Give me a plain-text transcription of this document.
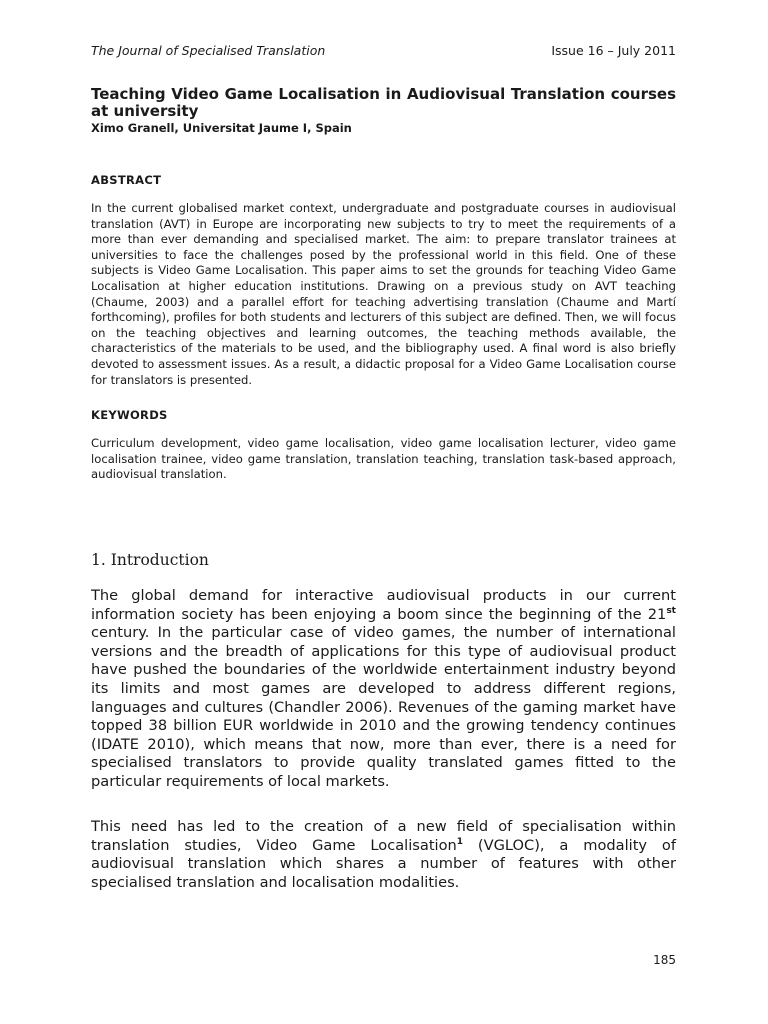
The Journal of Specialised Translation	Issue 16 – July 2011
Teaching Video Game Localisation in Audiovisual Translation courses at university
Ximo Granell, Universitat Jaume I, Spain
ABSTRACT
In the current globalised market context, undergraduate and postgraduate courses in audiovisual translation (AVT) in Europe are incorporating new subjects to try to meet the requirements of a more than ever demanding and specialised market. The aim: to prepare translator trainees at universities to face the challenges posed by the professional world in this field. One of these subjects is Video Game Localisation. This paper aims to set the grounds for teaching Video Game Localisation at higher education institutions. Drawing on a previous study on AVT teaching (Chaume, 2003) and a parallel effort for teaching advertising translation (Chaume and Martí forthcoming), profiles for both students and lecturers of this subject are defined. Then, we will focus on the teaching objectives and learning outcomes, the teaching methods available, the characteristics of the materials to be used, and the bibliography used. A final word is also briefly devoted to assessment issues. As a result, a didactic proposal for a Video Game Localisation course for translators is presented.
KEYWORDS
Curriculum development, video game localisation, video game localisation lecturer, video game localisation trainee, video game translation, translation teaching, translation task-based approach, audiovisual translation.
1. Introduction
The global demand for interactive audiovisual products in our current information society has been enjoying a boom since the beginning of the 21st century. In the particular case of video games, the number of international versions and the breadth of applications for this type of audiovisual product have pushed the boundaries of the worldwide entertainment industry beyond its limits and most games are developed to address different regions, languages and cultures (Chandler 2006). Revenues of the gaming market have topped 38 billion EUR worldwide in 2010 and the growing tendency continues (IDATE 2010), which means that now, more than ever, there is a need for specialised translators to provide quality translated games fitted to the particular requirements of local markets.
This need has led to the creation of a new field of specialisation within translation studies, Video Game Localisation$^1$ (VGLOC), a modality of audiovisual translation which shares a number of features with other specialised translation and localisation modalities.
185
